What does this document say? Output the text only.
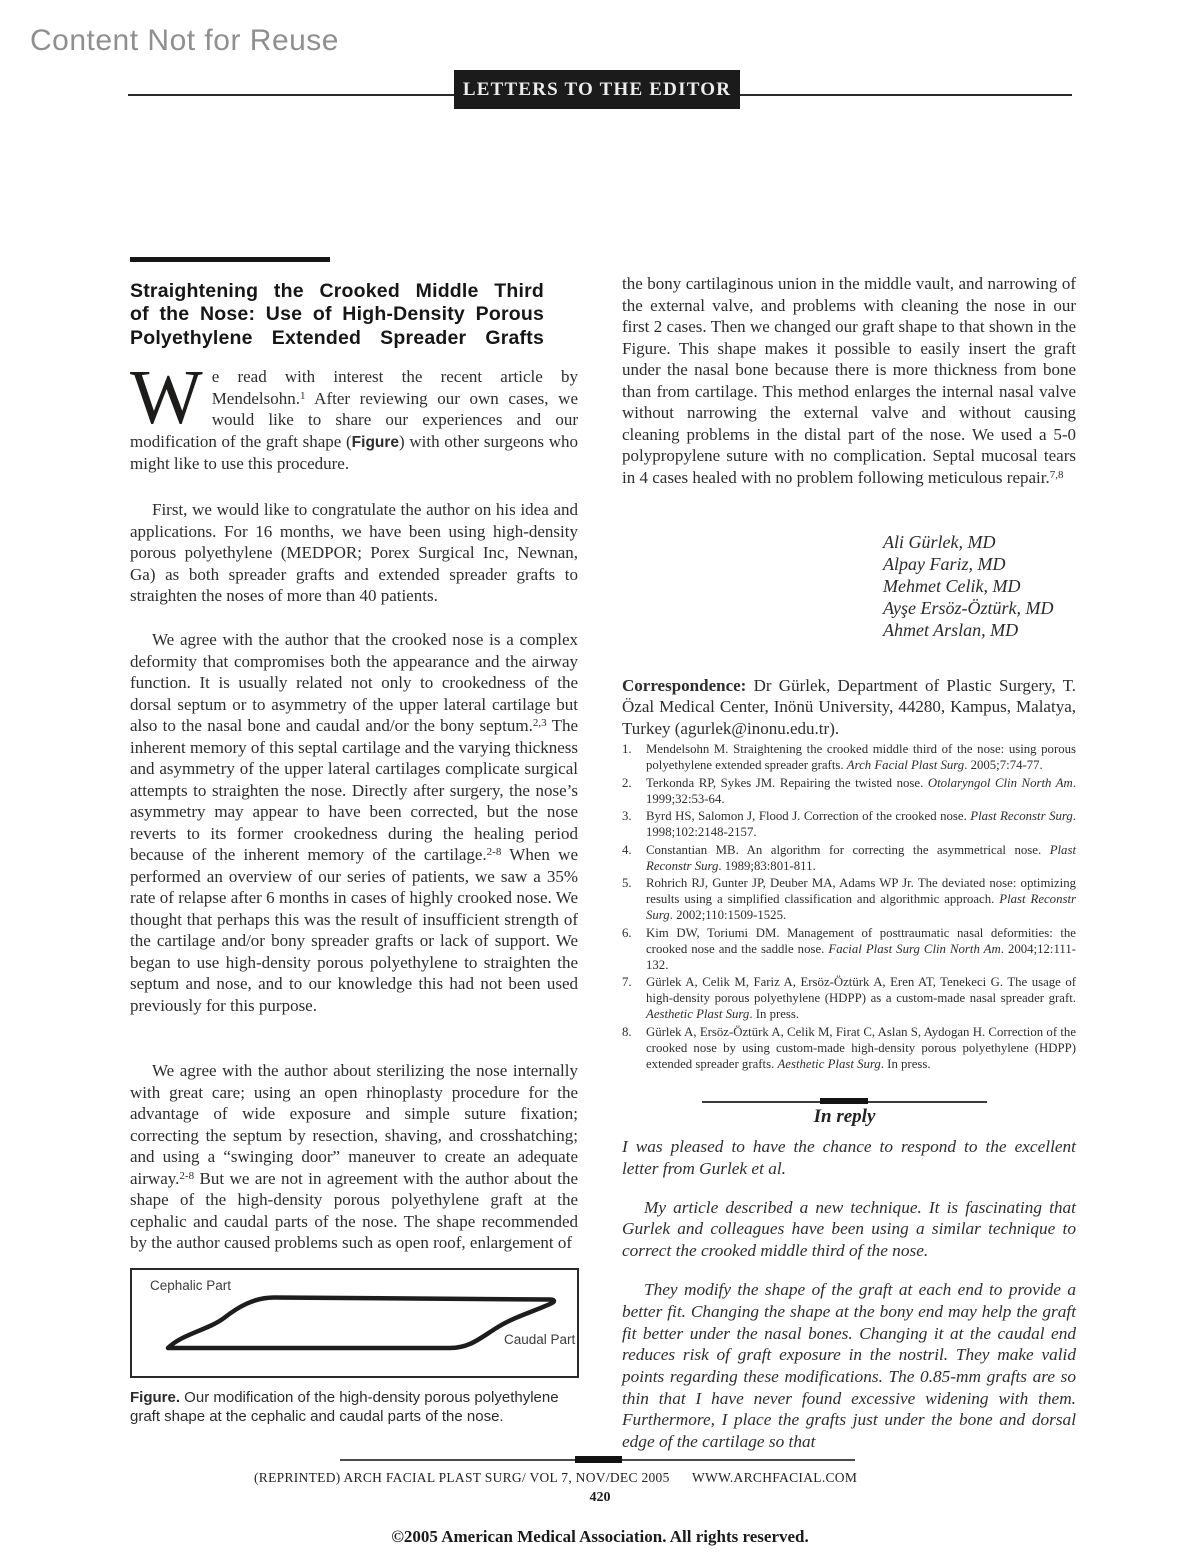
Content Not for Reuse
LETTERS TO THE EDITOR
Straightening the Crooked Middle Third
of the Nose: Use of High-Density Porous
Polyethylene Extended Spreader Grafts
We read with interest the recent article by Mendelsohn.$^1$ After reviewing our own cases, we would like to share our experiences and our modification of the graft shape (Figure) with other surgeons who might like to use this procedure.

First, we would like to congratulate the author on his idea and applications. For 16 months, we have been using high-density porous polyethylene (MEDPOR; Porex Surgical Inc, Newnan, Ga) as both spreader grafts and extended spreader grafts to straighten the noses of more than 40 patients.

We agree with the author that the crooked nose is a complex deformity that compromises both the appearance and the airway function. It is usually related not only to crookedness of the dorsal septum or to asymmetry of the upper lateral cartilage but also to the nasal bone and caudal and/or the bony septum.$^{2,3}$ The inherent memory of this septal cartilage and the varying thickness and asymmetry of the upper lateral cartilages complicate surgical attempts to straighten the nose. Directly after surgery, the nose’s asymmetry may appear to have been corrected, but the nose reverts to its former crookedness during the healing period because of the inherent memory of the cartilage.$^{2-8}$ When we performed an overview of our series of patients, we saw a 35% rate of relapse after 6 months in cases of highly crooked nose. We thought that perhaps this was the result of insufficient strength of the cartilage and/or bony spreader grafts or lack of support. We began to use high-density porous polyethylene to straighten the septum and nose, and to our knowledge this had not been used previously for this purpose.

We agree with the author about sterilizing the nose internally with great care; using an open rhinoplasty procedure for the advantage of wide exposure and simple suture fixation; correcting the septum by resection, shaving, and crosshatching; and using a “swinging door” maneuver to create an adequate airway.$^{2-8}$ But we are not in agreement with the author about the shape of the high-density porous polyethylene graft at the cephalic and caudal parts of the nose. The shape recommended by the author caused problems such as open roof, enlargement of

Cephalic Part
Caudal Part
Figure. Our modification of the high-density porous polyethylene graft shape at the cephalic and caudal parts of the nose.

the bony cartilaginous union in the middle vault, and narrowing of the external valve, and problems with cleaning the nose in our first 2 cases. Then we changed our graft shape to that shown in the Figure. This shape makes it possible to easily insert the graft under the nasal bone because there is more thickness from bone than from cartilage. This method enlarges the internal nasal valve without narrowing the external valve and without causing cleaning problems in the distal part of the nose. We used a 5-0 polypropylene suture with no complication. Septal mucosal tears in 4 cases healed with no problem following meticulous repair.$^{7,8}$

Ali Gürlek, MD
Alpay Fariz, MD
Mehmet Celik, MD
Ayşe Ersöz-Öztürk, MD
Ahmet Arslan, MD

Correspondence: Dr Gürlek, Department of Plastic Surgery, T. Özal Medical Center, Inönü University, 44280, Kampus, Malatya, Turkey (agurlek@inonu.edu.tr).

1.	Mendelsohn M. Straightening the crooked middle third of the nose: using porous polyethylene extended spreader grafts. Arch Facial Plast Surg. 2005;7:74-77.
2.	Terkonda RP, Sykes JM. Repairing the twisted nose. Otolaryngol Clin North Am. 1999;32:53-64.
3.	Byrd HS, Salomon J, Flood J. Correction of the crooked nose. Plast Reconstr Surg. 1998;102:2148-2157.
4.	Constantian MB. An algorithm for correcting the asymmetrical nose. Plast Reconstr Surg. 1989;83:801-811.
5.	Rohrich RJ, Gunter JP, Deuber MA, Adams WP Jr. The deviated nose: optimizing results using a simplified classification and algorithmic approach. Plast Reconstr Surg. 2002;110:1509-1525.
6.	Kim DW, Toriumi DM. Management of posttraumatic nasal deformities: the crooked nose and the saddle nose. Facial Plast Surg Clin North Am. 2004;12:111-132.
7.	Gürlek A, Celik M, Fariz A, Ersöz-Öztürk A, Eren AT, Tenekeci G. The usage of high-density porous polyethylene (HDPP) as a custom-made nasal spreader graft. Aesthetic Plast Surg. In press.
8.	Gürlek A, Ersöz-Öztürk A, Celik M, Firat C, Aslan S, Aydogan H. Correction of the crooked nose by using custom-made high-density porous polyethylene (HDPP) extended spreader grafts. Aesthetic Plast Surg. In press.
In reply

I was pleased to have the chance to respond to the excellent letter from Gurlek et al.

My article described a new technique. It is fascinating that Gurlek and colleagues have been using a similar technique to correct the crooked middle third of the nose.

They modify the shape of the graft at each end to provide a better fit. Changing the shape at the bony end may help the graft fit better under the nasal bones. Changing it at the caudal end reduces risk of graft exposure in the nostril. They make valid points regarding these modifications. The 0.85-mm grafts are so thin that I have never found excessive widening with them. Furthermore, I place the grafts just under the bone and dorsal edge of the cartilage so that

(REPRINTED) ARCH FACIAL PLAST SURG/ VOL 7, NOV/DEC 2005 WWW.ARCHFACIAL.COM
420
©2005 American Medical Association. All rights reserved.
